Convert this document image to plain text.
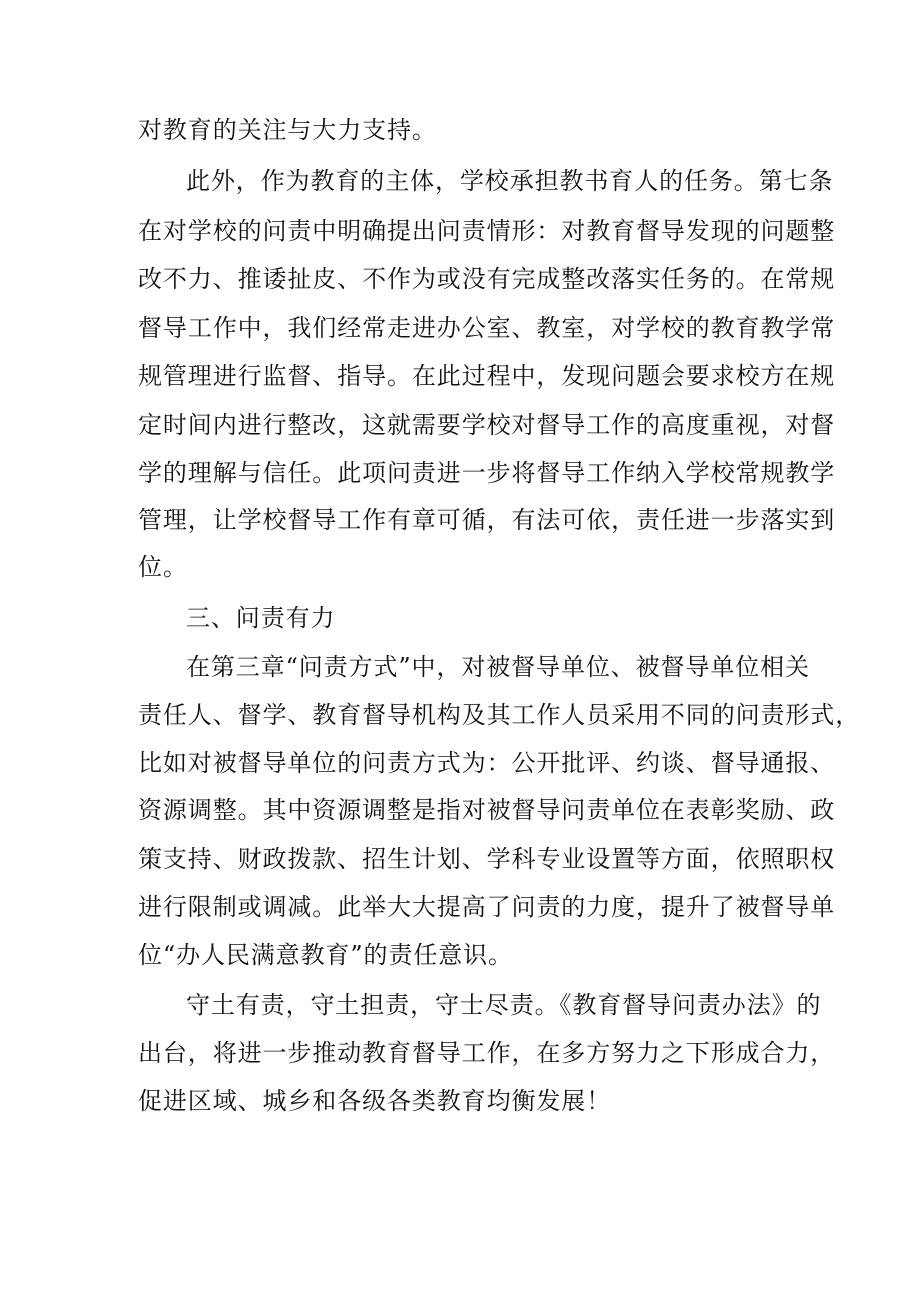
对教育的关注与大力支持。
此外，作为教育的主体，学校承担教书育人的任务。第七条
在对学校的问责中明确提出问责情形：对教育督导发现的问题整
改不力、推诿扯皮、不作为或没有完成整改落实任务的。在常规
督导工作中，我们经常走进办公室、教室，对学校的教育教学常
规管理进行监督、指导。在此过程中，发现问题会要求校方在规
定时间内进行整改，这就需要学校对督导工作的高度重视，对督
学的理解与信任。此项问责进一步将督导工作纳入学校常规教学
管理，让学校督导工作有章可循，有法可依，责任进一步落实到
位。
三、问责有力
在第三章“问责方式”中，对被督导单位、被督导单位相关
责任人、督学、教育督导机构及其工作人员采用不同的问责形式，
比如对被督导单位的问责方式为：公开批评、约谈、督导通报、
资源调整。其中资源调整是指对被督导问责单位在表彰奖励、政
策支持、财政拨款、招生计划、学科专业设置等方面，依照职权
进行限制或调减。此举大大提高了问责的力度，提升了被督导单
位“办人民满意教育”的责任意识。
守土有责，守土担责，守士尽责。《教育督导问责办法》的
出台，将进一步推动教育督导工作，在多方努力之下形成合力，
促进区域、城乡和各级各类教育均衡发展！
